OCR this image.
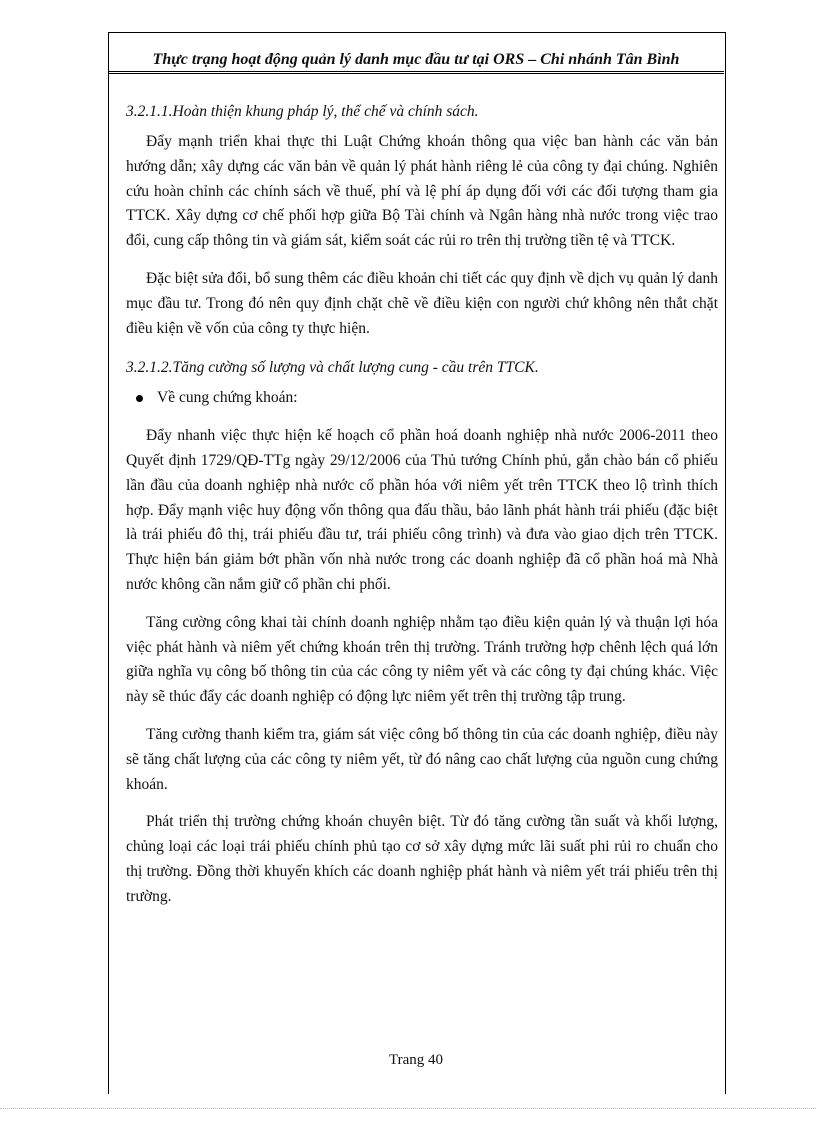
Thực trạng hoạt động quản lý danh mục đầu tư tại ORS – Chi nhánh Tân Bình
3.2.1.1.Hoàn thiện khung pháp lý, thể chế và chính sách.

Đẩy mạnh triển khai thực thi Luật Chứng khoán thông qua việc ban hành các văn bản hướng dẫn; xây dựng các văn bản về quản lý phát hành riêng lẻ của công ty đại chúng. Nghiên cứu hoàn chỉnh các chính sách về thuế, phí và lệ phí áp dụng đối với các đối tượng tham gia TTCK. Xây dựng cơ chế phối hợp giữa Bộ Tài chính và Ngân hàng nhà nước trong việc trao đổi, cung cấp thông tin và giám sát, kiểm soát các rủi ro trên thị trường tiền tệ và TTCK.

Đặc biệt sửa đổi, bổ sung thêm các điều khoản chi tiết các quy định về dịch vụ quản lý danh mục đầu tư. Trong đó nên quy định chặt chẽ về điều kiện con người chứ không nên thắt chặt điều kiện về vốn của công ty thực hiện.

3.2.1.2.Tăng cường số lượng và chất lượng cung - cầu trên TTCK.
Về cung chứng khoán:

Đẩy nhanh việc thực hiện kế hoạch cổ phần hoá doanh nghiệp nhà nước 2006-2011 theo Quyết định 1729/QĐ-TTg ngày 29/12/2006 của Thủ tướng Chính phủ, gắn chào bán cổ phiếu lần đầu của doanh nghiệp nhà nước cổ phần hóa với niêm yết trên TTCK theo lộ trình thích hợp. Đẩy mạnh việc huy động vốn thông qua đấu thầu, bảo lãnh phát hành trái phiếu (đặc biệt là trái phiếu đô thị, trái phiếu đầu tư, trái phiếu công trình) và đưa vào giao dịch trên TTCK. Thực hiện bán giảm bớt phần vốn nhà nước trong các doanh nghiệp đã cổ phần hoá mà Nhà nước không cần nắm giữ cổ phần chi phối.

Tăng cường công khai tài chính doanh nghiệp nhằm tạo điều kiện quản lý và thuận lợi hóa việc phát hành và niêm yết chứng khoán trên thị trường. Tránh trường hợp chênh lệch quá lớn giữa nghĩa vụ công bố thông tin của các công ty niêm yết và các công ty đại chúng khác. Việc này sẽ thúc đẩy các doanh nghiệp có động lực niêm yết trên thị trường tập trung.

Tăng cường thanh kiểm tra, giám sát việc công bố thông tin của các doanh nghiệp, điều này sẽ tăng chất lượng của các công ty niêm yết, từ đó nâng cao chất lượng của nguồn cung chứng khoán.

Phát triển thị trường chứng khoán chuyên biệt. Từ đó tăng cường tần suất và khối lượng, chủng loại các loại trái phiếu chính phủ tạo cơ sở xây dựng mức lãi suất phi rủi ro chuẩn cho thị trường. Đồng thời khuyến khích các doanh nghiệp phát hành và niêm yết trái phiếu trên thị trường.

Trang 40
